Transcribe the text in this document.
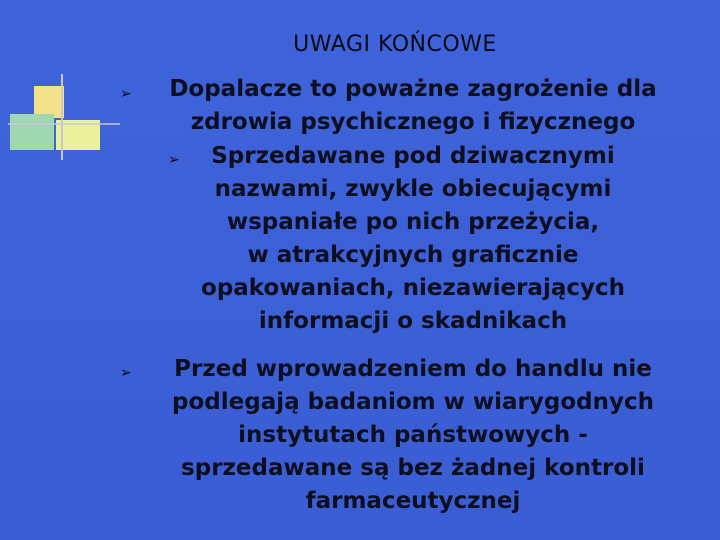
UWAGI KOŃCOWE
➢	Dopalacze to poważne zagrożenie dla
zdrowia psychicznego i fizycznego
➢	Sprzedawane pod dziwacznymi
nazwami, zwykle obiecującymi
wspaniałe po nich przeżycia,
w atrakcyjnych graficznie
opakowaniach, niezawierających
informacji o skadnikach
➢	Przed wprowadzeniem do handlu nie
podlegają badaniom w wiarygodnych
instytutach państwowych -
sprzedawane są bez żadnej kontroli
farmaceutycznej
